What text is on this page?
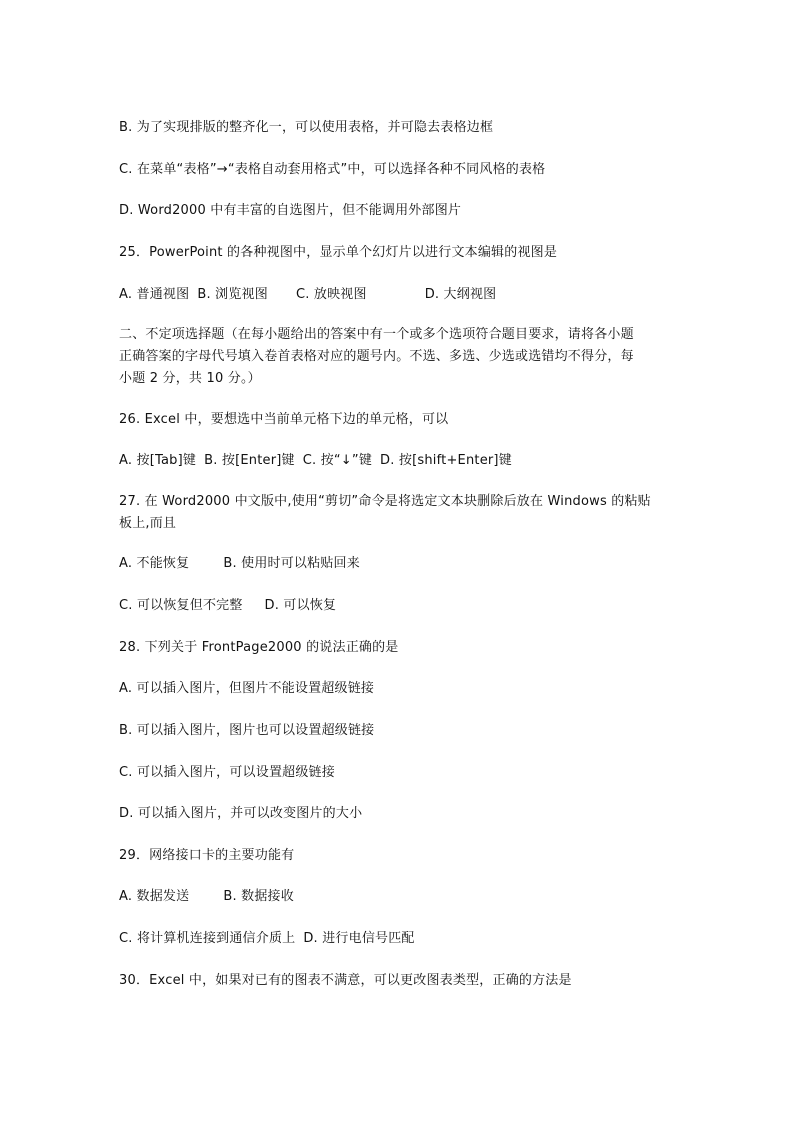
B. 为了实现排版的整齐化一，可以使用表格，并可隐去表格边框
C. 在菜单“表格”→“表格自动套用格式”中，可以选择各种不同风格的表格
D. Word2000 中有丰富的自选图片，但不能调用外部图片
25．PowerPoint 的各种视图中，显示单个幻灯片以进行文本编辑的视图是
A. 普通视图 B. 浏览视图 C. 放映视图	D. 大纲视图
二、不定项选择题（在每小题给出的答案中有一个或多个选项符合题目要求，请将各小题
正确答案的字母代号填入卷首表格对应的题号内。不选、多选、少选或选错均不得分，每
小题 2 分，共 10 分。）
26. Excel 中，要想选中当前单元格下边的单元格，可以
A. 按[Tab]键 B. 按[Enter]键 C. 按“↓”键 D. 按[shift+Enter]键
27. 在 Word2000 中文版中,使用“剪切”命令是将选定文本块删除后放在 Windows 的粘贴
板上,而且
A. 不能恢复	B. 使用时可以粘贴回来
C. 可以恢复但不完整 D. 可以恢复
28. 下列关于 FrontPage2000 的说法正确的是
A. 可以插入图片，但图片不能设置超级链接
B. 可以插入图片，图片也可以设置超级链接
C. 可以插入图片，可以设置超级链接
D. 可以插入图片，并可以改变图片的大小
29．网络接口卡的主要功能有
A. 数据发送	B. 数据接收
C. 将计算机连接到通信介质上 D. 进行电信号匹配
30．Excel 中，如果对已有的图表不满意，可以更改图表类型，正确的方法是
